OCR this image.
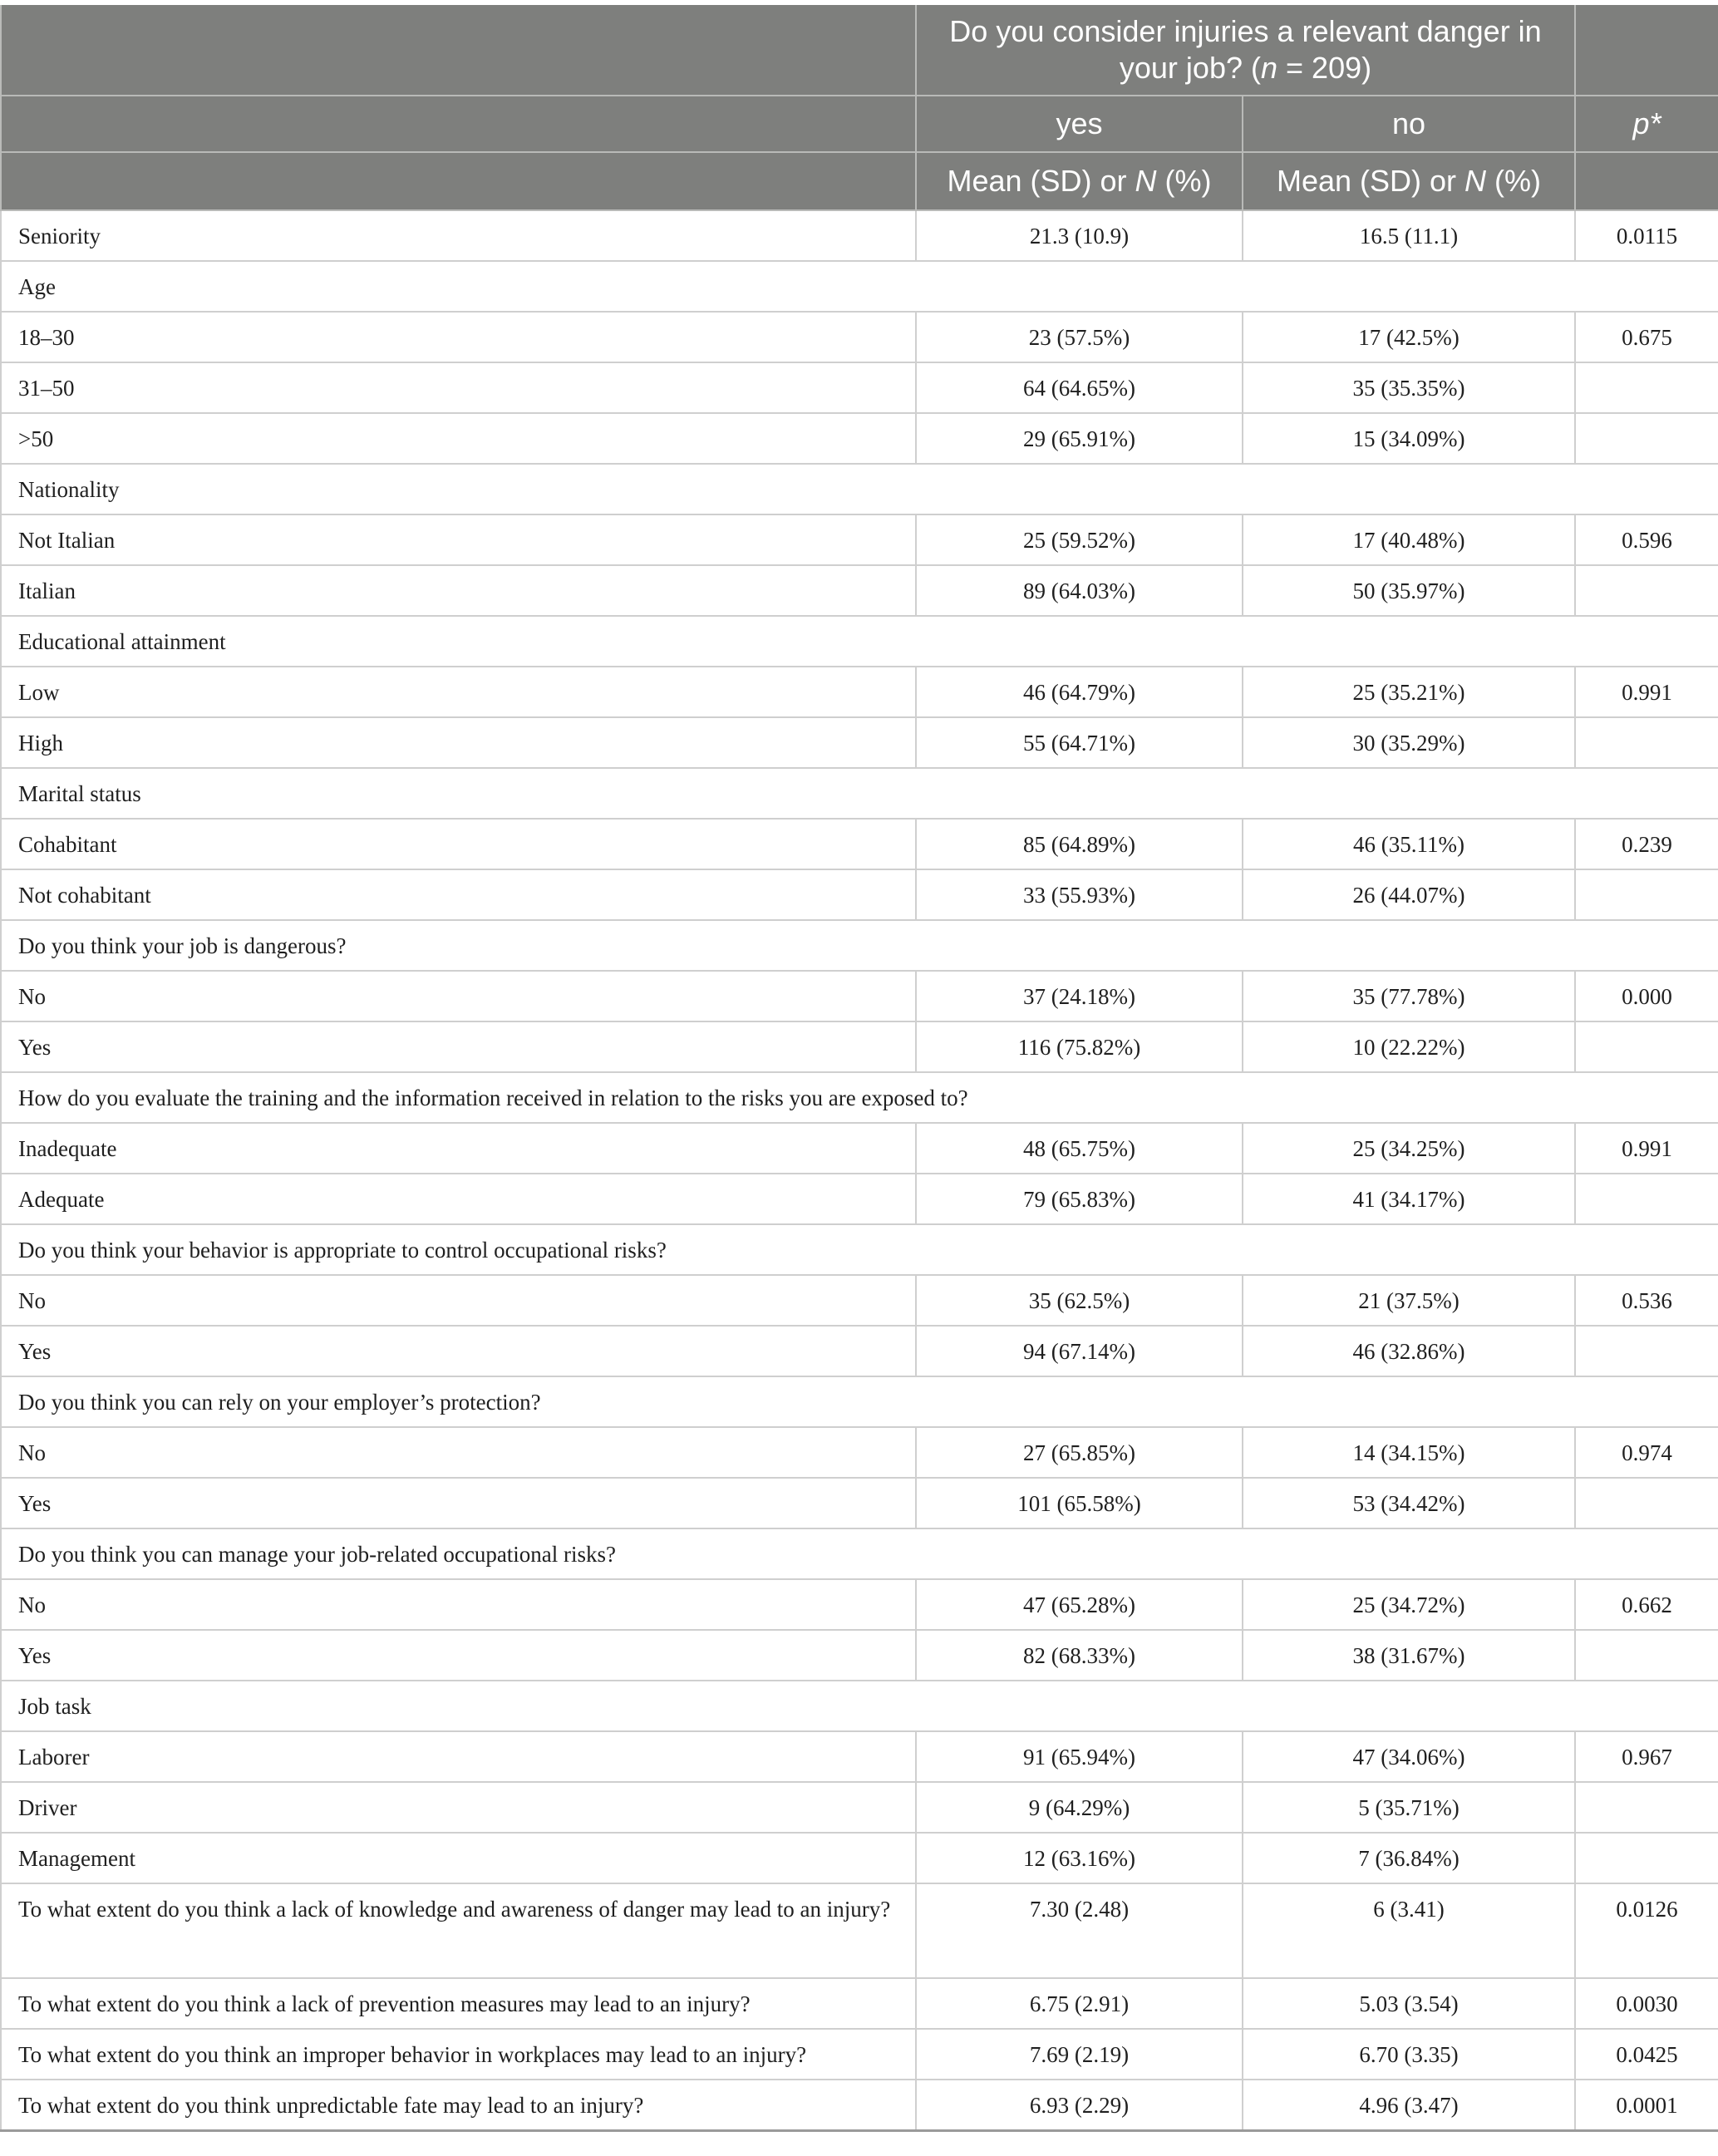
	Do you consider injuries a relevant danger in your job? (n = 209)		
	yes	no	p*
	Mean (SD) or N (%)	Mean (SD) or N (%)	
Seniority	21.3 (10.9)	16.5 (11.1)	0.0115
Age			
18–30	23 (57.5%)	17 (42.5%)	0.675
31–50	64 (64.65%)	35 (35.35%)	
>50	29 (65.91%)	15 (34.09%)	
Nationality			
Not Italian	25 (59.52%)	17 (40.48%)	0.596
Italian	89 (64.03%)	50 (35.97%)	
Educational attainment			
Low	46 (64.79%)	25 (35.21%)	0.991
High	55 (64.71%)	30 (35.29%)	
Marital status			
Cohabitant	85 (64.89%)	46 (35.11%)	0.239
Not cohabitant	33 (55.93%)	26 (44.07%)	
Do you think your job is dangerous?			
No	37 (24.18%)	35 (77.78%)	0.000
Yes	116 (75.82%)	10 (22.22%)	
How do you evaluate the training and the information received in relation to the risks you are exposed to?			
Inadequate	48 (65.75%)	25 (34.25%)	0.991
Adequate	79 (65.83%)	41 (34.17%)	
Do you think your behavior is appropriate to control occupational risks?			
No	35 (62.5%)	21 (37.5%)	0.536
Yes	94 (67.14%)	46 (32.86%)	
Do you think you can rely on your employer’s protection?			
No	27 (65.85%)	14 (34.15%)	0.974
Yes	101 (65.58%)	53 (34.42%)	
Do you think you can manage your job-related occupational risks?			
No	47 (65.28%)	25 (34.72%)	0.662
Yes	82 (68.33%)	38 (31.67%)	
Job task			
Laborer	91 (65.94%)	47 (34.06%)	0.967
Driver	9 (64.29%)	5 (35.71%)	
Management	12 (63.16%)	7 (36.84%)	
To what extent do you think a lack of knowledge and awareness of danger may lead to an injury?	7.30 (2.48)	6 (3.41)	0.0126
To what extent do you think a lack of prevention measures may lead to an injury?	6.75 (2.91)	5.03 (3.54)	0.0030
To what extent do you think an improper behavior in workplaces may lead to an injury?	7.69 (2.19)	6.70 (3.35)	0.0425
To what extent do you think unpredictable fate may lead to an injury?	6.93 (2.29)	4.96 (3.47)	0.0001
